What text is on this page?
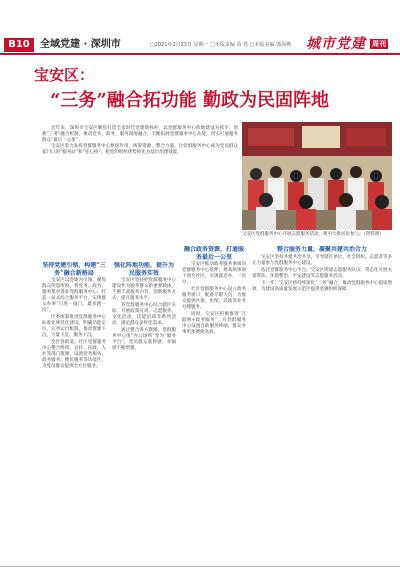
B10	全域党建 · 深圳市	□2021年2月23日 星期一 □本版责编 苗 铁 □本版美编 郭海燕 城市党建 周刊
宝安区：
“三务”融合拓功能 勤政为民固阵地

近年来，深圳市宝安区聚焦打造全市时代党建新标杆，以党群服务中心阵地建设为抓手，创新“三务”融合机制，推动党务、政务、服务深度融合，不断拓展党群服务中心功能，切实打通服务群众“最后一公里”。

宝安区着力发挥党群服务中心枢纽作用，统筹资源、整合力量，让党群服务中心成为党员群众家门口的“服务站”和“连心桥”，把党的组织优势转化为基层治理效能。

宝安区党群服务中心开展志愿服务活动，吸引大批居民参与。（资料图）

坚持党建引领，构建“三务”融合新格局

宝安区以党建为引领，聚焦群众所思所盼，将党务、政务、服务集中进驻党群服务中心，打造一站式综合服务平台，实现群众办事“只进一扇门、最多跑一次”。

区委统筹推进党群服务中心标准化规范化建设，明确功能定位，完善运行机制，推动资源下沉、力量下沉、服务下沉。

全区各街道、社区党群服务中心整合组织、宣传、民政、人社等部门资源，设置党务服务、政务服务、便民服务等功能区，为党员群众提供全方位服务。

强化阵地功能，提升为民服务实效

宝安区坚持把党群服务中心建设作为服务群众的重要载体，不断丰富服务内容，创新服务方式，提升服务水平。

各党群服务中心结合辖区实际，开展政策宣讲、志愿服务、文化活动、技能培训等系列活动，满足群众多样化需求。

通过整合各方资源，党群服务中心由“办公场所”变为“服务平台”，党员群众获得感、幸福感不断增强。

融合政务资源，打通服务最后一公里

宝安区推动政务服务事项向党群服务中心延伸，将高频事项下放至社区，实现就近办、一次办。

社区党群服务中心设立政务服务窗口，配备专职人员，为群众提供社保、医保、民政等业务办理服务。

同时，宝安区积极推进“互联网+政务服务”，在党群服务中心设置自助服务终端，群众办事更加便捷高效。

整合服务力量，凝聚共建共治合力

宝安区坚持共建共治共享，引导辖区单位、社会组织、志愿者等多元力量参与党群服务中心建设。

依托党群服务中心平台，宝安区组建志愿服务队伍，常态化开展关爱帮扶、环境整治、平安建设等志愿服务活动。

下一步，宝安区将持续深化“三务”融合，推动党群服务中心提质增效，为建设高质量发展示范区提供坚强组织保障。
